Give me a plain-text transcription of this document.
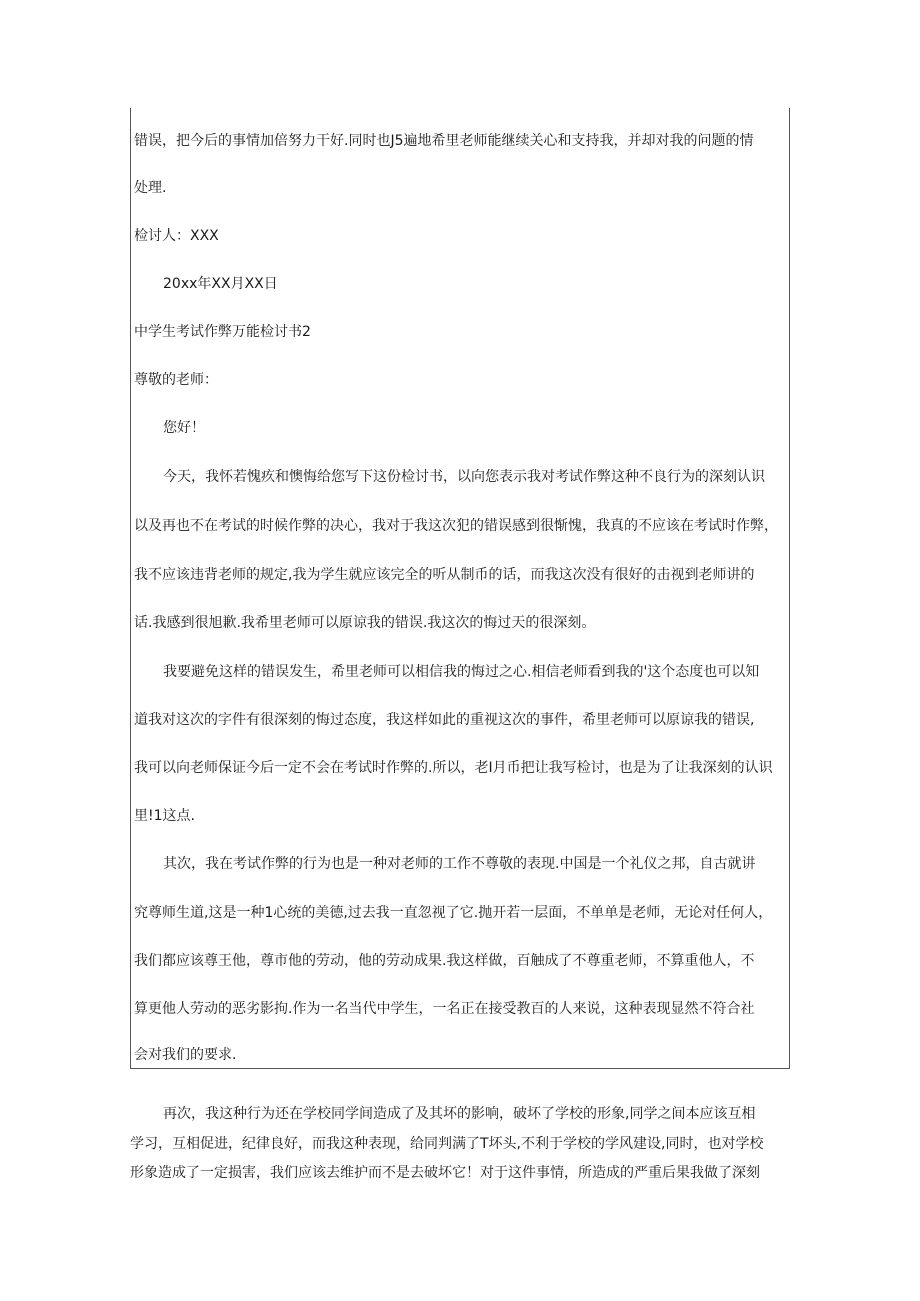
错误，把今后的事情加倍努力干好.同时也J5遍地希里老师能继续关心和支持我，并却对我的问题的情
处理.
检讨人：XXX
20xx年XX月XX日
中学生考试作弊万能检讨书2
尊敬的老师：
您好！
今天，我怀若愧疚和懊悔给您写下这份检讨书，以向您表示我对考试作弊这种不良行为的深刻认识
以及再也不在考试的时候作弊的决心，我对于我这次犯的错误感到很惭愧，我真的不应该在考试时作弊，
我不应该违背老师的规定,我为学生就应该完全的听从制币的话，而我这次没有很好的击视到老师讲的
话.我感到很旭歉.我希里老师可以原谅我的错误.我这次的悔过天的很深刻。
我要避免这样的错误发生，希里老师可以相信我的悔过之心.相信老师看到我的'这个态度也可以知
道我对这次的字件有很深刻的悔过态度，我这样如此的重视这次的事件，希里老师可以原谅我的错误,
我可以向老师保证今后一定不会在考试时作弊的.所以，老I月币把让我写检讨，也是为了让我深刻的认识
里!1这点.
其次，我在考试作弊的行为也是一种对老师的工作不尊敬的表现.中国是一个礼仪之邦，自古就讲
究尊师生道,这是一种1心统的美德,过去我一直忽视了它.抛开若一层面，不单单是老师，无论对任何人，
我们都应该尊王他，尊市他的劳动，他的劳动成果.我这样做，百触成了不尊重老师，不算重他人，不
算更他人劳动的恶劣影拘.作为一名当代中学生，一名正在接受教百的人来说，这种表现显然不符合社
会对我们的要求.
再次，我这种行为还在学校同学间造成了及其坏的影响，破坏了学校的形象,同学之间本应该互相
学习，互相促进，纪律良好，而我这种表现，给同判满了T坏头,不利于学校的学风建设,同时，也对学校
形象造成了一定损害，我们应该去维护而不是去破坏它！对于这件事情，所造成的严重后果我做了深刻
